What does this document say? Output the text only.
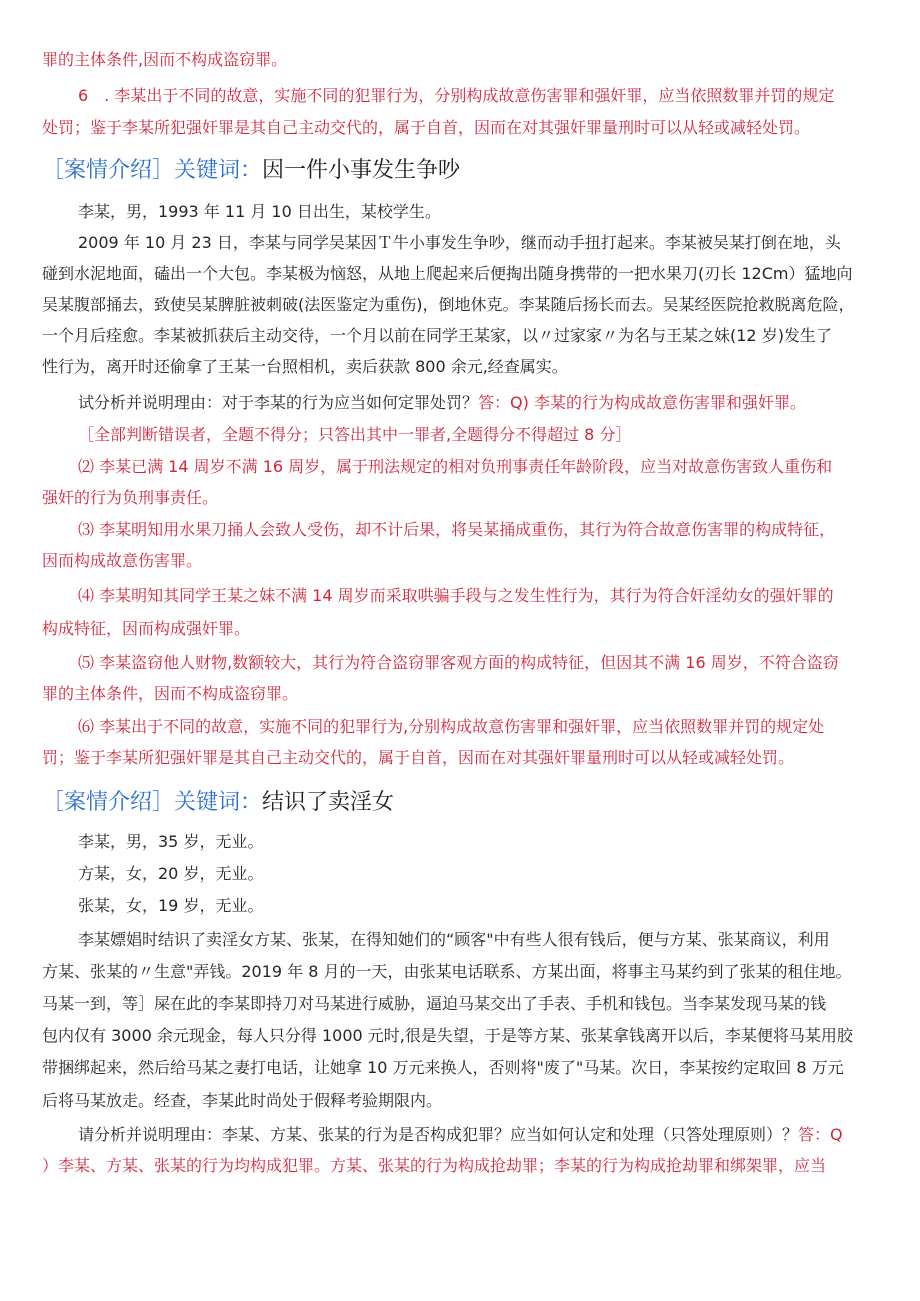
罪的主体条件,因而不构成盗窃罪。
6　. 李某出于不同的故意，实施不同的犯罪行为，分别构成故意伤害罪和强奸罪，应当依照数罪并罚的规定
处罚；鉴于李某所犯强奸罪是其自己主动交代的，属于自首，因而在对其强奸罪量刑时可以从轻或减轻处罚。
［案情介绍］关键词：因一件小事发生争吵
李某，男，1993 年 11 月 10 日出生，某校学生。
2009 年 10 月 23 日，李某与同学吴某因Ｔ牛小事发生争吵，继而动手扭打起来。李某被吴某打倒在地，头
碰到水泥地面，磕出一个大包。李某极为恼怒，从地上爬起来后便掏出随身携带的一把水果刀(刃长 12Cm）猛地向
吴某腹部捅去，致使吴某脾脏被刺破(法医鉴定为重伤)，倒地休克。李某随后扬长而去。吴某经医院抢救脱离危险，
一个月后痊愈。李某被抓获后主动交待，一个月以前在同学王某家，以〃过家家〃为名与王某之妹(12 岁)发生了
性行为，离开时还偷拿了王某一台照相机，卖后获款 800 余元,经查属实。
试分析并说明理由：对于李某的行为应当如何定罪处罚？答：Q) 李某的行为构成故意伤害罪和强奸罪。
［全部判断错误者，全题不得分；只答出其中一罪者,全题得分不得超过 8 分］
⑵ 李某已满 14 周岁不满 16 周岁，属于刑法规定的相对负刑事责任年龄阶段，应当对故意伤害致人重伤和
强奸的行为负刑事责任。
⑶ 李某明知用水果刀捅人会致人受伤，却不计后果，将吴某捅成重伤，其行为符合故意伤害罪的构成特征，
因而构成故意伤害罪。
⑷ 李某明知其同学王某之妹不满 14 周岁而采取哄骗手段与之发生性行为，其行为符合奸淫幼女的强奸罪的
构成特征，因而构成强奸罪。
⑸ 李某盗窃他人财物,数额较大，其行为符合盗窃罪客观方面的构成特征，但因其不满 16 周岁，不符合盗窃
罪的主体条件，因而不构成盗窃罪。
⑹ 李某出于不同的故意，实施不同的犯罪行为,分别构成故意伤害罪和强奸罪，应当依照数罪并罚的规定处
罚；鉴于李某所犯强奸罪是其自己主动交代的，属于自首，因而在对其强奸罪量刑时可以从轻或减轻处罚。
［案情介绍］关键词：结识了卖淫女
李某，男，35 岁，无业。
方某，女，20 岁，无业。
张某，女，19 岁，无业。
李某嫖娼时结识了卖淫女方某、张某，在得知她们的“顾客"中有些人很有钱后，便与方某、张某商议，利用
方某、张某的〃生意"弄钱。2019 年 8 月的一天，由张某电话联系、方某出面，将事主马某约到了张某的租住地。
马某一到，等］屎在此的李某即持刀对马某进行威胁，逼迫马某交出了手表、手机和钱包。当李某发现马某的钱
包内仅有 3000 余元现金，每人只分得 1000 元时,很是失望，于是等方某、张某拿钱离开以后，李某便将马某用胶
带捆绑起来，然后给马某之妻打电话，让她拿 10 万元来换人，否则将"废了"马某。次日，李某按约定取回 8 万元
后将马某放走。经查，李某此时尚处于假释考验期限内。
请分析并说明理由：李某、方某、张某的行为是否构成犯罪？应当如何认定和处理（只答处理原则）？答：Q
）李某、方某、张某的行为均构成犯罪。方某、张某的行为构成抢劫罪；李某的行为构成抢劫罪和绑架罪，应当
